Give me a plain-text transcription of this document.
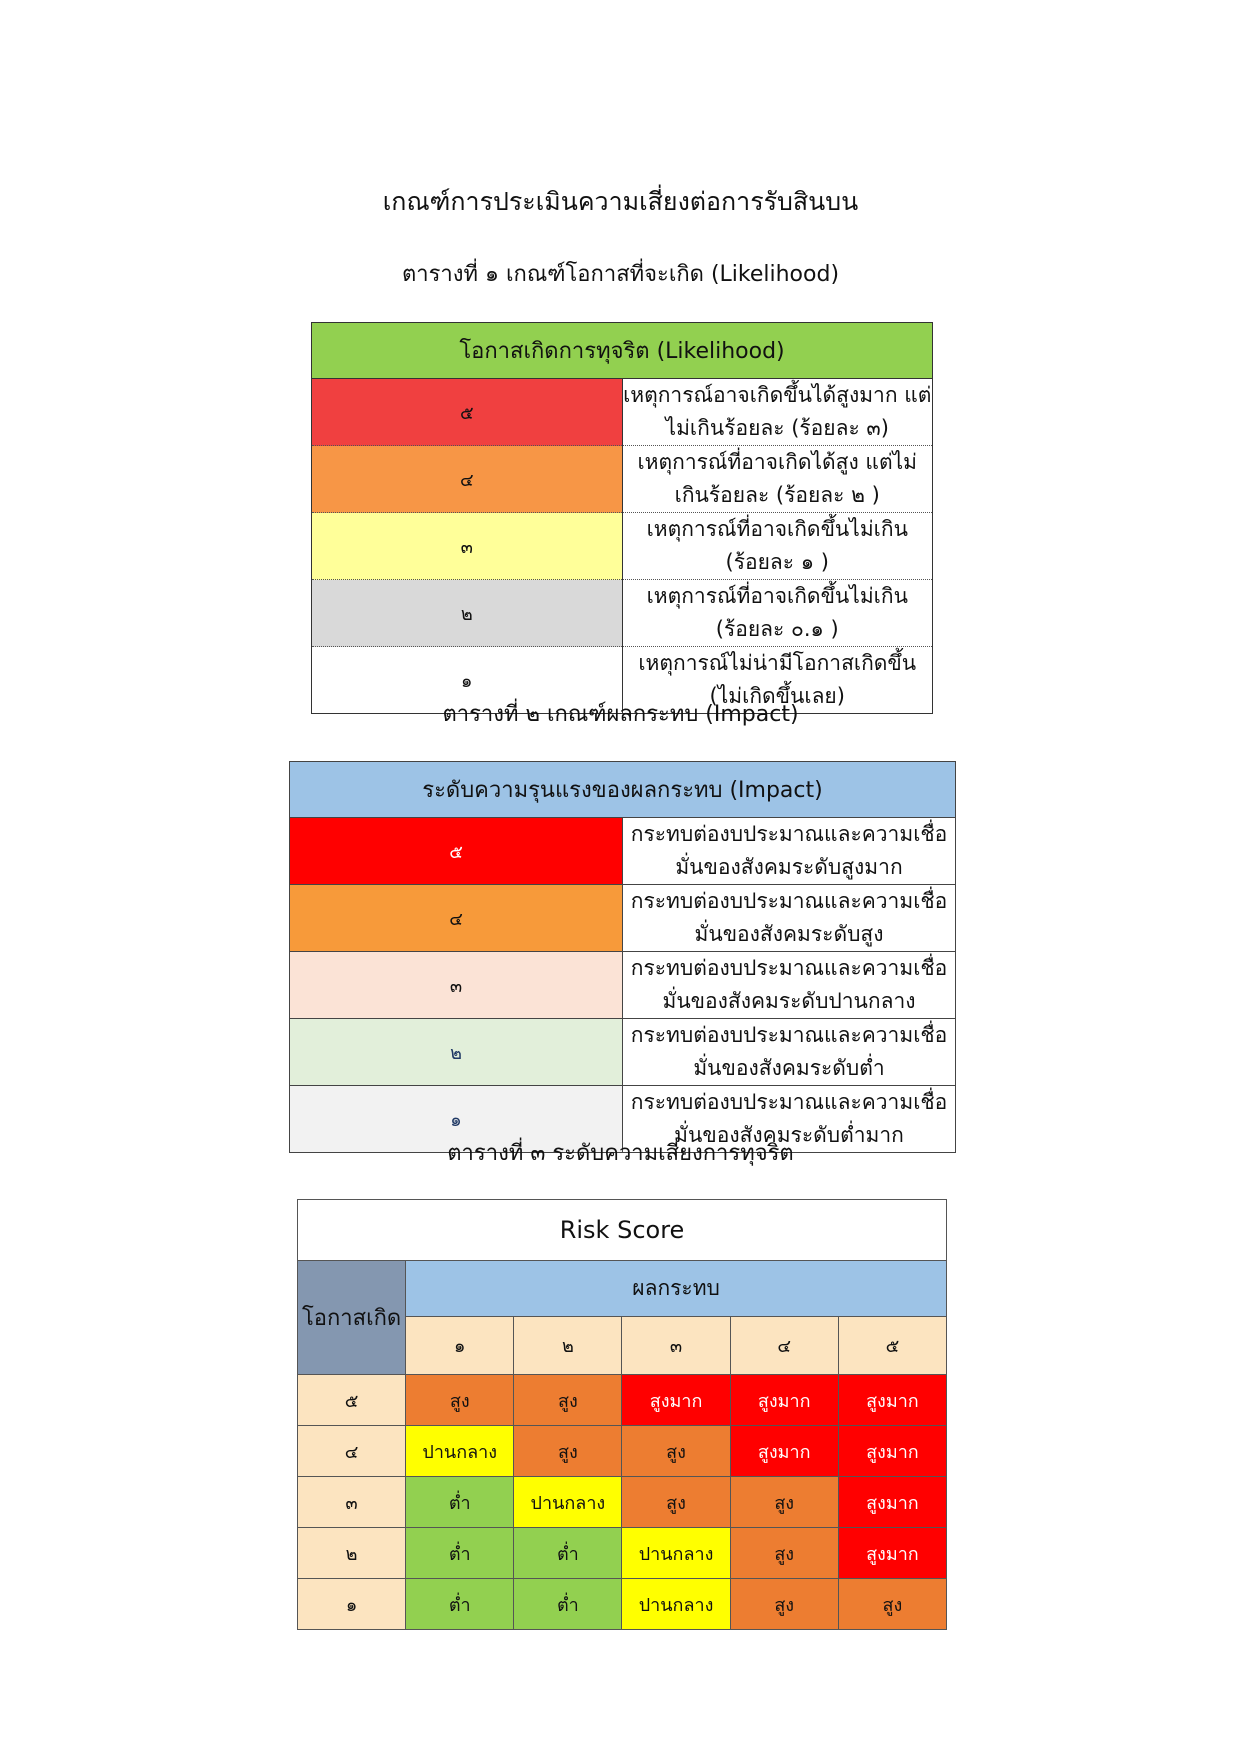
เกณฑ์การประเมินความเสี่ยงต่อการรับสินบน
ตารางที่ ๑ เกณฑ์โอกาสที่จะเกิด (Likelihood)
โอกาสเกิดการทุจริต (Likelihood)	
๕	เหตุการณ์อาจเกิดขึ้นได้สูงมาก แต่ไม่เกินร้อยละ (ร้อยละ ๓)
๔	เหตุการณ์ที่อาจเกิดได้สูง แต่ไม่เกินร้อยละ (ร้อยละ ๒ )
๓	เหตุการณ์ที่อาจเกิดขึ้นไม่เกิน (ร้อยละ ๑ )
๒	เหตุการณ์ที่อาจเกิดขึ้นไม่เกิน (ร้อยละ ๐.๑ )
๑	เหตุการณ์ไม่น่ามีโอกาสเกิดขึ้น (ไม่เกิดขึ้นเลย)
ตารางที่ ๒ เกณฑ์ผลกระทบ (Impact)
ระดับความรุนแรงของผลกระทบ (Impact)	
๕	กระทบต่องบประมาณและความเชื่อมั่นของสังคมระดับสูงมาก
๔	กระทบต่องบประมาณและความเชื่อมั่นของสังคมระดับสูง
๓	กระทบต่องบประมาณและความเชื่อมั่นของสังคมระดับปานกลาง
๒	กระทบต่องบประมาณและความเชื่อมั่นของสังคมระดับต่ำ
๑	กระทบต่องบประมาณและความเชื่อมั่นของสังคมระดับต่ำมาก
ตารางที่ ๓ ระดับความเสี่ยงการทุจริต
Risk Score					
โอกาสเกิด	ผลกระทบ				
	๑	๒	๓	๔	๕
๕	สูง	สูง	สูงมาก	สูงมาก	สูงมาก
๔	ปานกลาง	สูง	สูง	สูงมาก	สูงมาก
๓	ต่ำ	ปานกลาง	สูง	สูง	สูงมาก
๒	ต่ำ	ต่ำ	ปานกลาง	สูง	สูงมาก
๑	ต่ำ	ต่ำ	ปานกลาง	สูง	สูง
